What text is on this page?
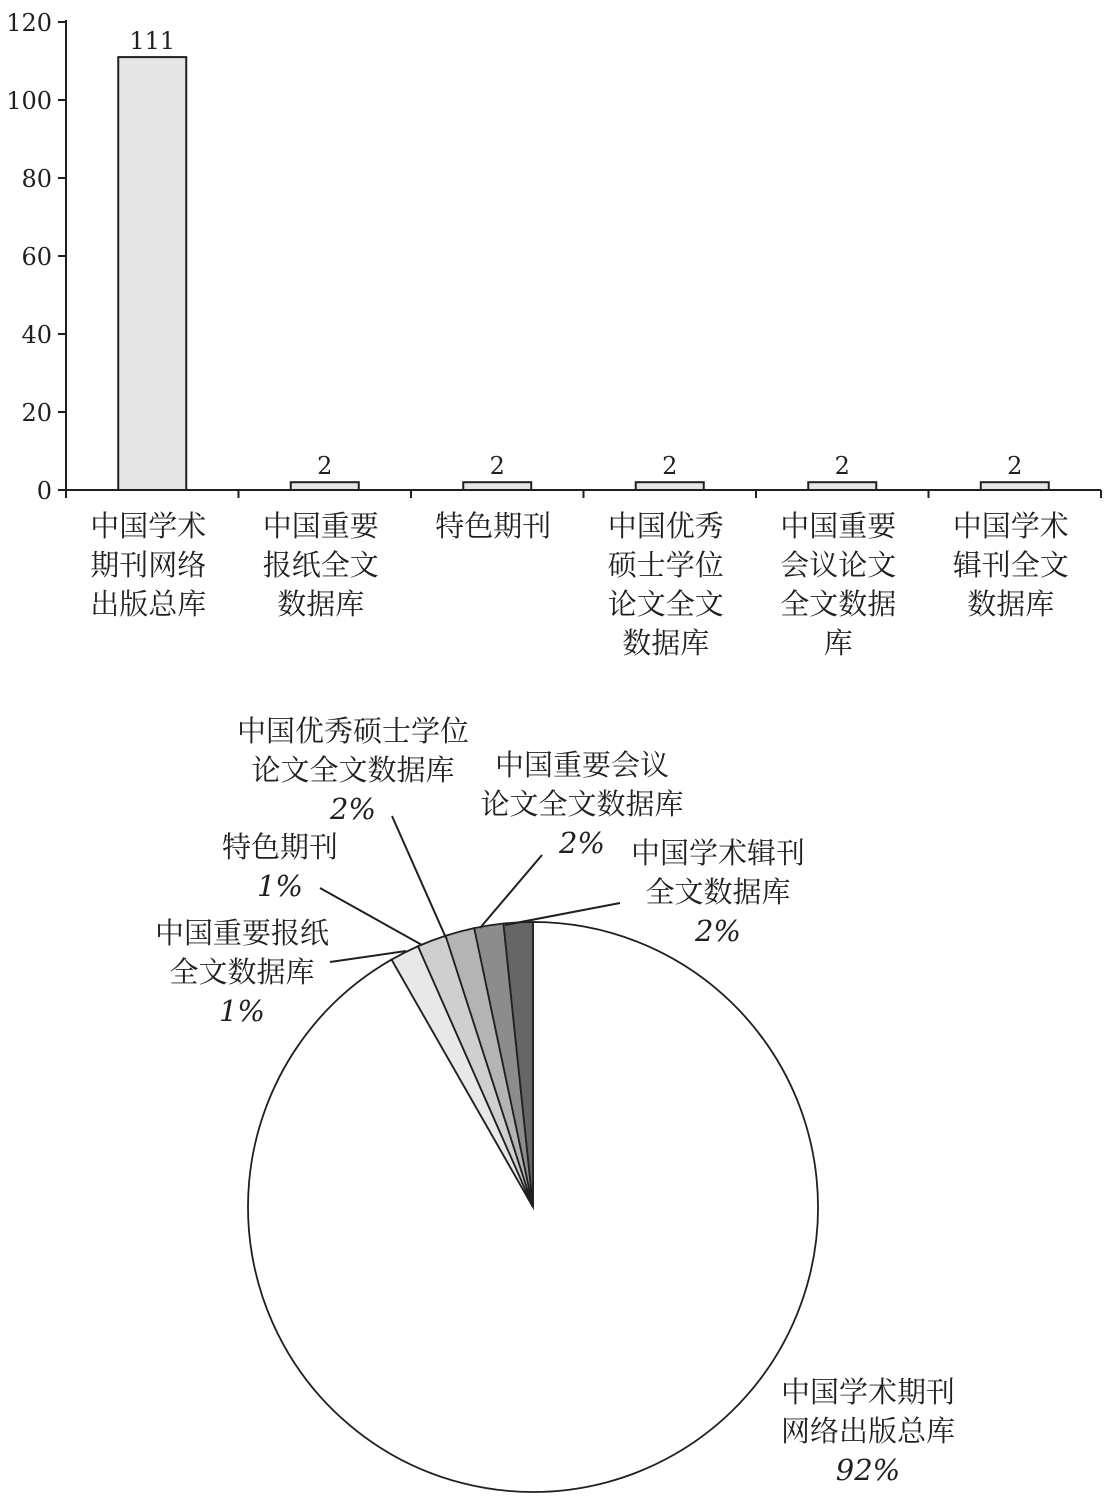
111
中国学术
期刊网络
出版总库
2
中国重要
报纸全文
数据库
2
特色期刊
2
中国优秀
硕士学位
论文全文
数据库
2
中国重要
会议论文
全文数据
库
2
中国学术
辑刊全文
数据库
0
20
40
60
80
100
120
中国学术期刊
网络出版总库
92%
中国重要报纸
全文数据库
1%
特色期刊
1%
中国优秀硕士学位
论文全文数据库
2%
中国重要会议
论文全文数据库
2% 中国学术辑刊
全文数据库
2%
